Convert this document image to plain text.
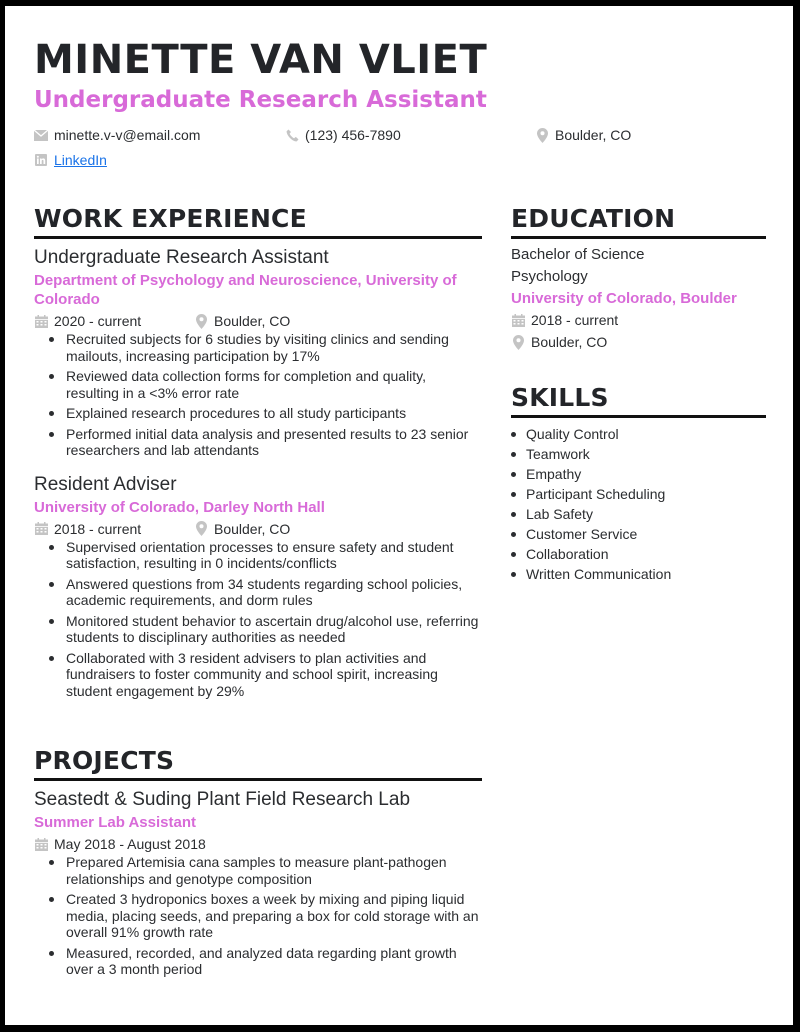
MINETTE VAN VLIET
Undergraduate Research Assistant
minette.v-v@email.com	(123) 456-7890	Boulder, CO
LinkedIn
WORK EXPERIENCE
Undergraduate Research Assistant
Department of Psychology and Neuroscience, University of Colorado
2020 - current	Boulder, CO
Recruited subjects for 6 studies by visiting clinics and sending mailouts, increasing participation by 17%
Reviewed data collection forms for completion and quality, resulting in a <3% error rate
Explained research procedures to all study participants
Performed initial data analysis and presented results to 23 senior researchers and lab attendants
Resident Adviser
University of Colorado, Darley North Hall
2018 - current	Boulder, CO
Supervised orientation processes to ensure safety and student satisfaction, resulting in 0 incidents/conflicts
Answered questions from 34 students regarding school policies, academic requirements, and dorm rules
Monitored student behavior to ascertain drug/alcohol use, referring students to disciplinary authorities as needed
Collaborated with 3 resident advisers to plan activities and fundraisers to foster community and school spirit, increasing student engagement by 29%
PROJECTS
Seastedt & Suding Plant Field Research Lab
Summer Lab Assistant
May 2018 - August 2018
Prepared Artemisia cana samples to measure plant-pathogen relationships and genotype composition
Created 3 hydroponics boxes a week by mixing and piping liquid media, placing seeds, and preparing a box for cold storage with an overall 91% growth rate
Measured, recorded, and analyzed data regarding plant growth over a 3 month period
EDUCATION
Bachelor of Science
Psychology
University of Colorado, Boulder
2018 - current
Boulder, CO
SKILLS
Quality Control
Teamwork
Empathy
Participant Scheduling
Lab Safety
Customer Service
Collaboration
Written Communication
